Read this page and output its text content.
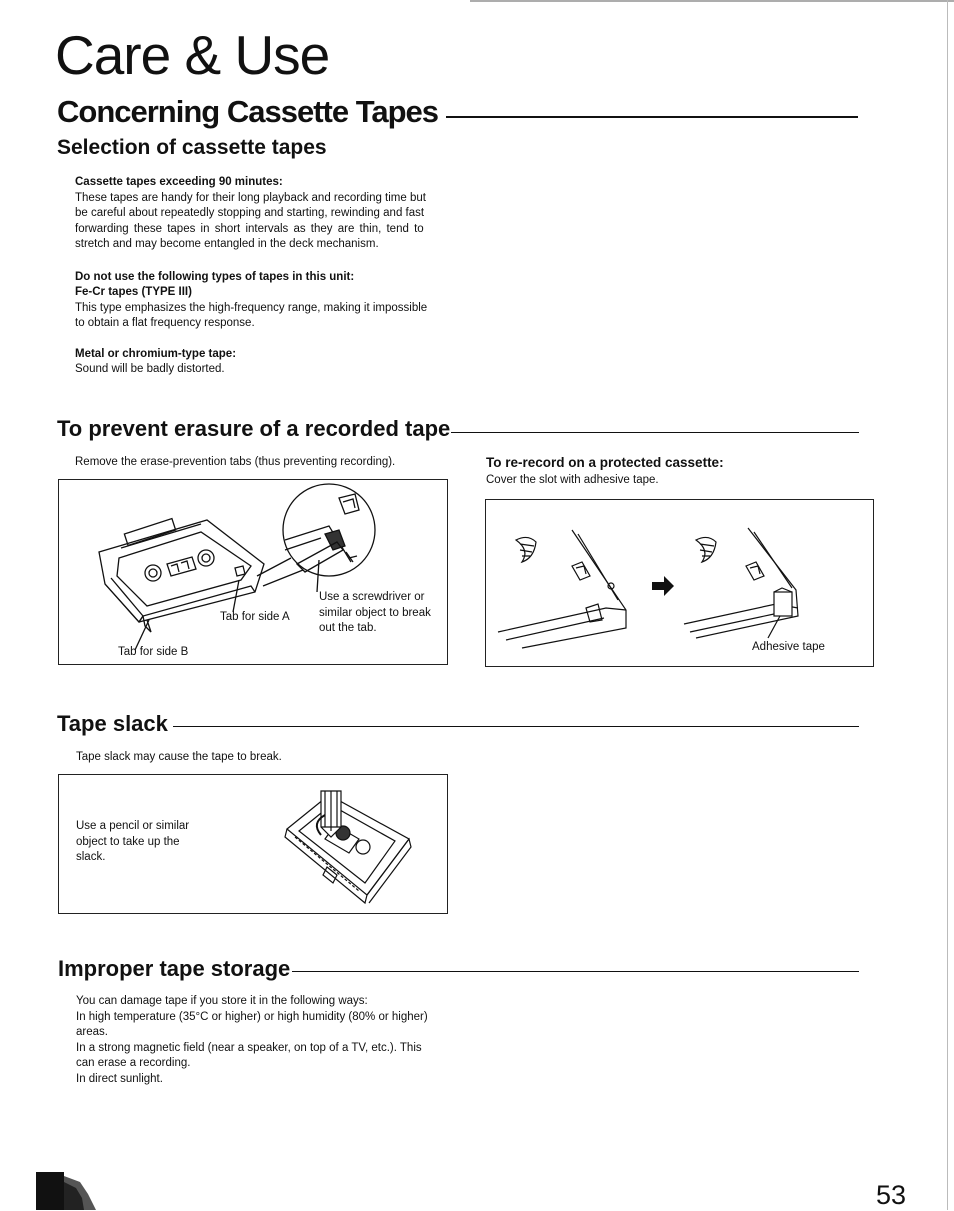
Care & Use
Concerning Cassette Tapes
Selection of cassette tapes

Cassette tapes exceeding 90 minutes:

These tapes are handy for their long playback and recording time but

be careful about repeatedly stopping and starting, rewinding and fast

forwarding these tapes in short intervals as they are thin, tend to

stretch and may become entangled in the deck mechanism.

Do not use the following types of tapes in this unit:

Fe-Cr tapes (TYPE III)

This type emphasizes the high-frequency range, making it impossible

to obtain a flat frequency response.

Metal or chromium-type tape:

Sound will be badly distorted.

To prevent erasure of a recorded tape

Remove the erase-prevention tabs (thus preventing recording).

Tab for side A
Tab for side B
Use a screwdriver or
similar object to break
out the tab.

To re-record on a protected cassette:

Cover the slot with adhesive tape.

Adhesive tape
Tape slack

Tape slack may cause the tape to break.

Use a pencil or similar
object to take up the
slack.
Improper tape storage

You can damage tape if you store it in the following ways:

In high temperature (35°C or higher) or high humidity (80% or higher)

areas.

In a strong magnetic field (near a speaker, on top of a TV, etc.). This

can erase a recording.

In direct sunlight.

53
